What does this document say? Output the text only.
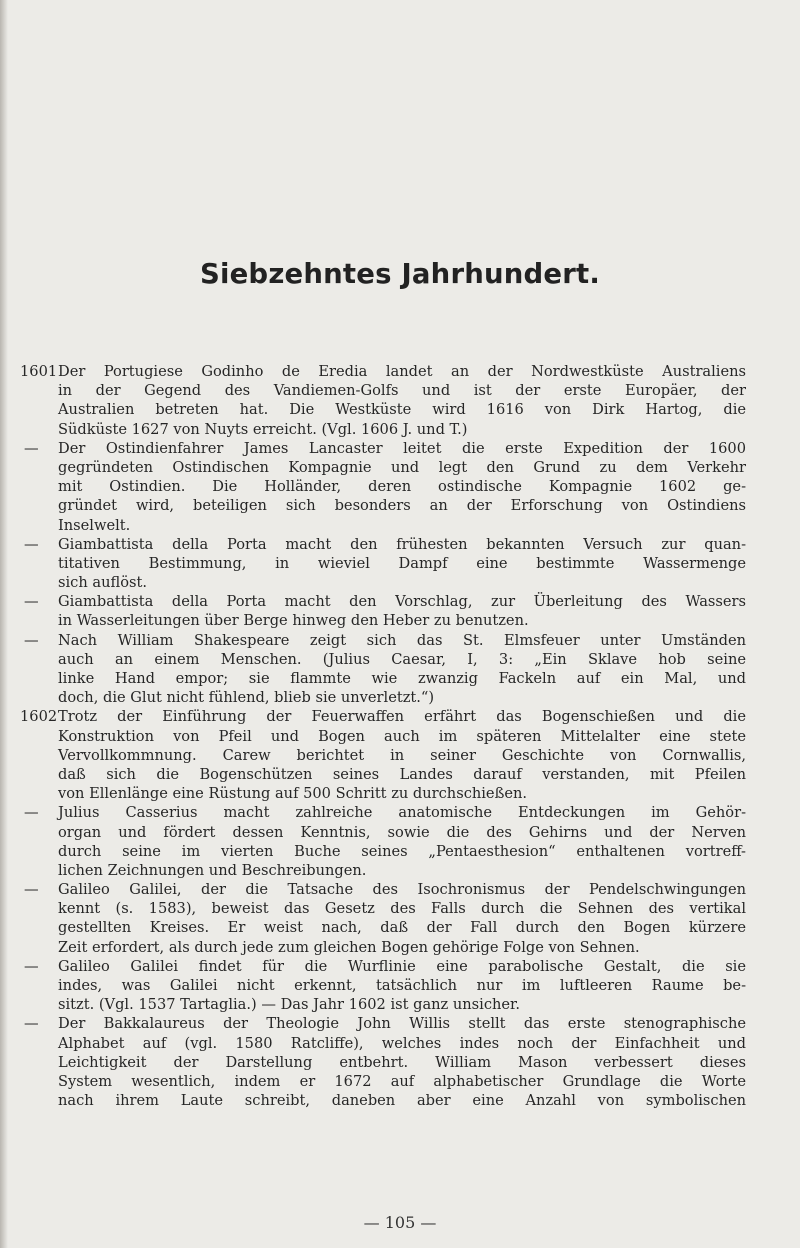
Siebzehntes Jahrhundert.
1601 Der Portugiese Godinho de Eredia landet an der Nordwestküste Australiens
in der Gegend des Vandiemen-Golfs und ist der erste Europäer, der
Australien betreten hat. Die Westküste wird 1616 von Dirk Hartog, die
Südküste 1627 von Nuyts erreicht. (Vgl. 1606 J. und T.)
—	Der Ostindienfahrer James Lancaster leitet die erste Expedition der 1600
gegründeten Ostindischen Kompagnie und legt den Grund zu dem Verkehr
mit Ostindien. Die Holländer, deren ostindische Kompagnie 1602 ge-
gründet wird, beteiligen sich besonders an der Erforschung von Ostindiens
Inselwelt.
—	Giambattista della Porta macht den frühesten bekannten Versuch zur quan-
titativen Bestimmung, in wieviel Dampf eine bestimmte Wassermenge
sich auflöst.
—	Giambattista della Porta macht den Vorschlag, zur Überleitung des Wassers
in Wasserleitungen über Berge hinweg den Heber zu benutzen.
—	Nach William Shakespeare zeigt sich das St. Elmsfeuer unter Umständen
auch an einem Menschen. (Julius Caesar, I, 3: „Ein Sklave hob seine
linke Hand empor; sie flammte wie zwanzig Fackeln auf ein Mal, und
doch, die Glut nicht fühlend, blieb sie unverletzt.“)
1602 Trotz der Einführung der Feuerwaffen erfährt das Bogenschießen und die
Konstruktion von Pfeil und Bogen auch im späteren Mittelalter eine stete
Vervollkommnung. Carew berichtet in seiner Geschichte von Cornwallis,
daß sich die Bogenschützen seines Landes darauf verstanden, mit Pfeilen
von Ellenlänge eine Rüstung auf 500 Schritt zu durchschießen.
—	Julius Casserius macht zahlreiche anatomische Entdeckungen im Gehör-
organ und fördert dessen Kenntnis, sowie die des Gehirns und der Nerven
durch seine im vierten Buche seines „Pentaesthesion“ enthaltenen vortreff-
lichen Zeichnungen und Beschreibungen.
—	Galileo Galilei, der die Tatsache des Isochronismus der Pendelschwingungen
kennt (s. 1583), beweist das Gesetz des Falls durch die Sehnen des vertikal
gestellten Kreises. Er weist nach, daß der Fall durch den Bogen kürzere
Zeit erfordert, als durch jede zum gleichen Bogen gehörige Folge von Sehnen.
—	Galileo Galilei findet für die Wurflinie eine parabolische Gestalt, die sie
indes, was Galilei nicht erkennt, tatsächlich nur im luftleeren Raume be-
sitzt. (Vgl. 1537 Tartaglia.) — Das Jahr 1602 ist ganz unsicher.
—	Der Bakkalaureus der Theologie John Willis stellt das erste stenographische
Alphabet auf (vgl. 1580 Ratcliffe), welches indes noch der Einfachheit und
Leichtigkeit der Darstellung entbehrt. William Mason verbessert dieses
System wesentlich, indem er 1672 auf alphabetischer Grundlage die Worte
nach ihrem Laute schreibt, daneben aber eine Anzahl von symbolischen
— 105 —
